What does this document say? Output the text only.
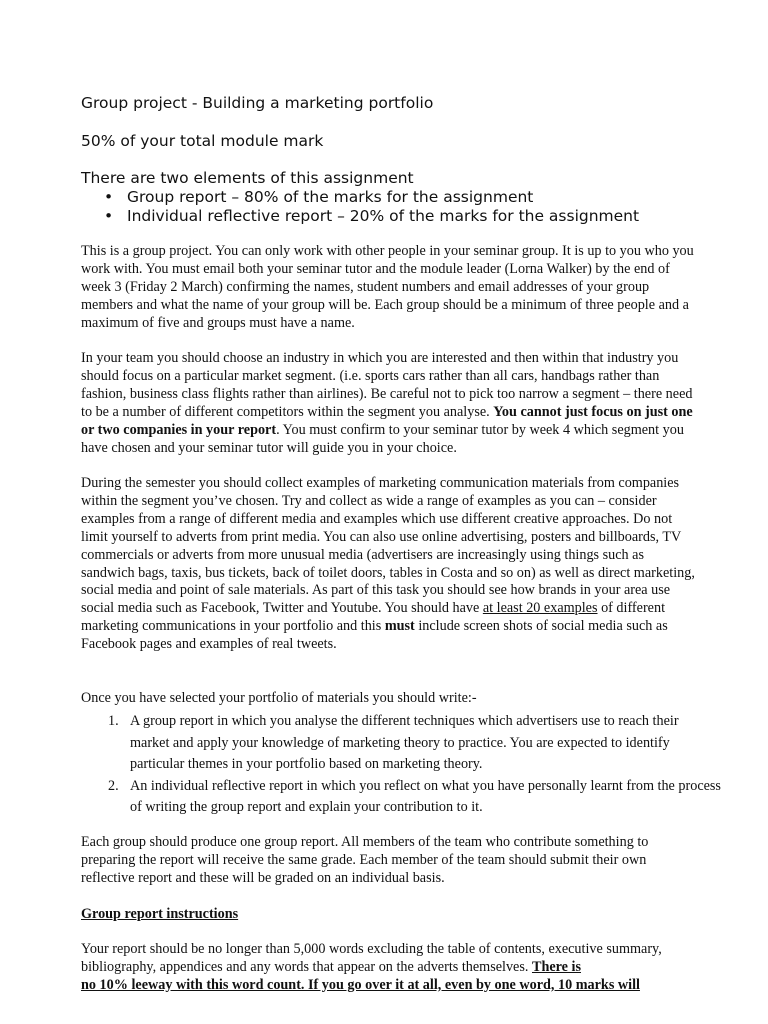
Group project - Building a marketing portfolio
50% of your total module mark
There are two elements of this assignment
• Group report – 80% of the marks for the assignment
• Individual reflective report – 20% of the marks for the assignment

This is a group project. You can only work with other people in your seminar group. It is up to you who you work with. You must email both your seminar tutor and the module leader (Lorna Walker) by the end of week 3 (Friday 2 March) confirming the names, student numbers and email addresses of your group members and what the name of your group will be. Each group should be a minimum of three people and a maximum of five and groups must have a name.

In your team you should choose an industry in which you are interested and then within that industry you should focus on a particular market segment. (i.e. sports cars rather than all cars, handbags rather than fashion, business class flights rather than airlines). Be careful not to pick too narrow a segment – there need to be a number of different competitors within the segment you analyse. You cannot just focus on just one or two companies in your report. You must confirm to your seminar tutor by week 4 which segment you have chosen and your seminar tutor will guide you in your choice.

During the semester you should collect examples of marketing communication materials from companies within the segment you’ve chosen. Try and collect as wide a range of examples as you can – consider examples from a range of different media and examples which use different creative approaches. Do not limit yourself to adverts from print media. You can also use online advertising, posters and billboards, TV commercials or adverts from more unusual media (advertisers are increasingly using things such as sandwich bags, taxis, bus tickets, back of toilet doors, tables in Costa and so on) as well as direct marketing, social media and point of sale materials. As part of this task you should see how brands in your area use social media such as Facebook, Twitter and Youtube. You should have at least 20 examples of different marketing communications in your portfolio and this must include screen shots of social media such as Facebook pages and examples of real tweets.

Once you have selected your portfolio of materials you should write:-

1. A group report in which you analyse the different techniques which advertisers use to reach their market and apply your knowledge of marketing theory to practice. You are expected to identify particular themes in your portfolio based on marketing theory.
2. An individual reflective report in which you reflect on what you have personally learnt from the process of writing the group report and explain your contribution to it.

Each group should produce one group report. All members of the team who contribute something to preparing the report will receive the same grade. Each member of the team should submit their own reflective report and these will be graded on an individual basis.

Group report instructions

Your report should be no longer than 5,000 words excluding the table of contents, executive summary, bibliography, appendices and any words that appear on the adverts themselves. There is
no 10% leeway with this word count. If you go over it at all, even by one word, 10 marks will
